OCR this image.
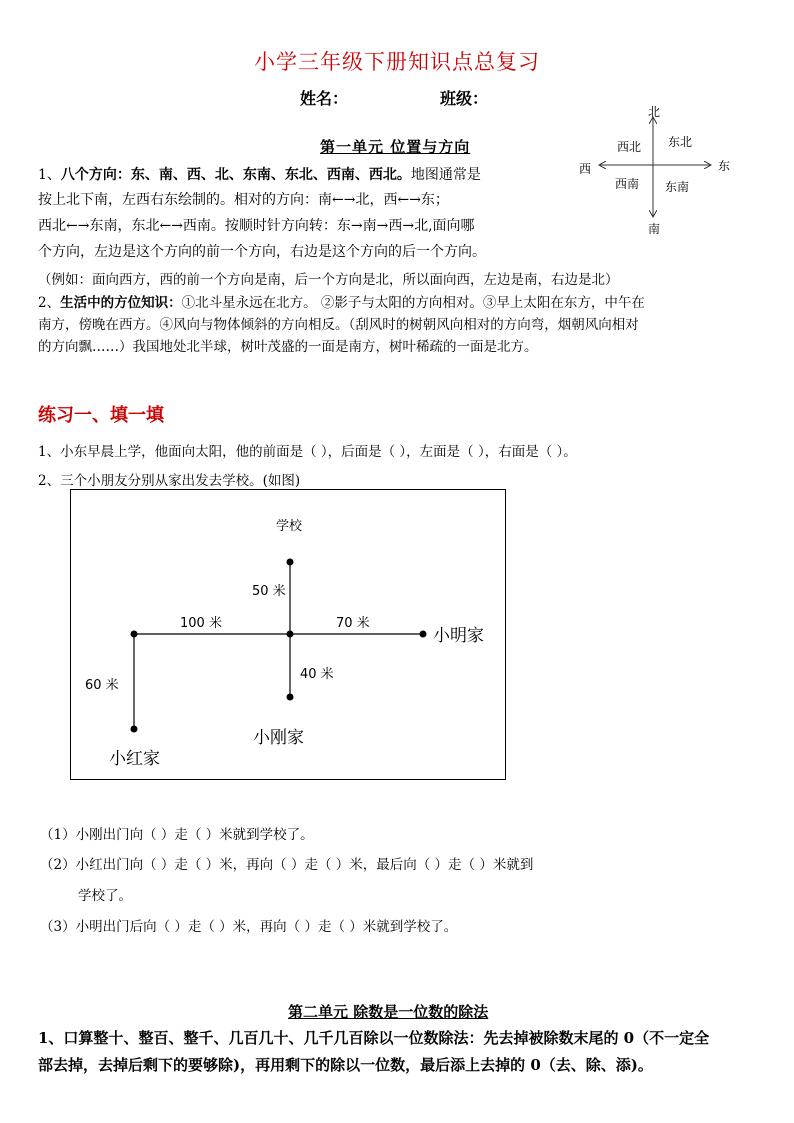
小学三年级下册知识点总复习
姓名：	班级：
第一单元 位置与方向
1、八个方向：东、南、西、北、东南、东北、西南、西北。地图通常是
按上北下南，左西右东绘制的。相对的方向：南←→北，西←→东；
西北←→东南，东北←→西南。按顺时针方向转：东→南→西→北,面向哪
个方向，左边是这个方向的前一个方向，右边是这个方向的后一个方向。
（例如：面向西方，西的前一个方向是南，后一个方向是北，所以面向西，左边是南，右边是北）
2、生活中的方位知识：①北斗星永远在北方。 ②影子与太阳的方向相对。③早上太阳在东方，中午在
南方，傍晚在西方。④风向与物体倾斜的方向相反。（刮风时的树朝风向相对的方向弯，烟朝风向相对
的方向飘……）我国地处北半球，树叶茂盛的一面是南方，树叶稀疏的一面是北方。
北
南
东
西
西北 东北
西南 东南
练习一、填一填
1、小东早晨上学，他面向太阳，他的前面是（ ），后面是（ ），左面是（ ），右面是（ ）。
2、三个小朋友分别从家出发去学校。(如图)
学校
50 米
100 米	70 米
40 米
60 米
小明家
小刚家
小红家
（1）小刚出门向（ ）走（ ）米就到学校了。
（2）小红出门向（ ）走（ ）米，再向（ ）走（ ）米，最后向（ ）走（ ）米就到
学校了。
（3）小明出门后向（ ）走（ ）米，再向（ ）走（ ）米就到学校了。
第二单元 除数是一位数的除法
1、口算整十、整百、整千、几百几十、几千几百除以一位数除法：先去掉被除数末尾的 0（不一定全
部去掉，去掉后剩下的要够除)，再用剩下的除以一位数，最后添上去掉的 0（去、除、添)。
